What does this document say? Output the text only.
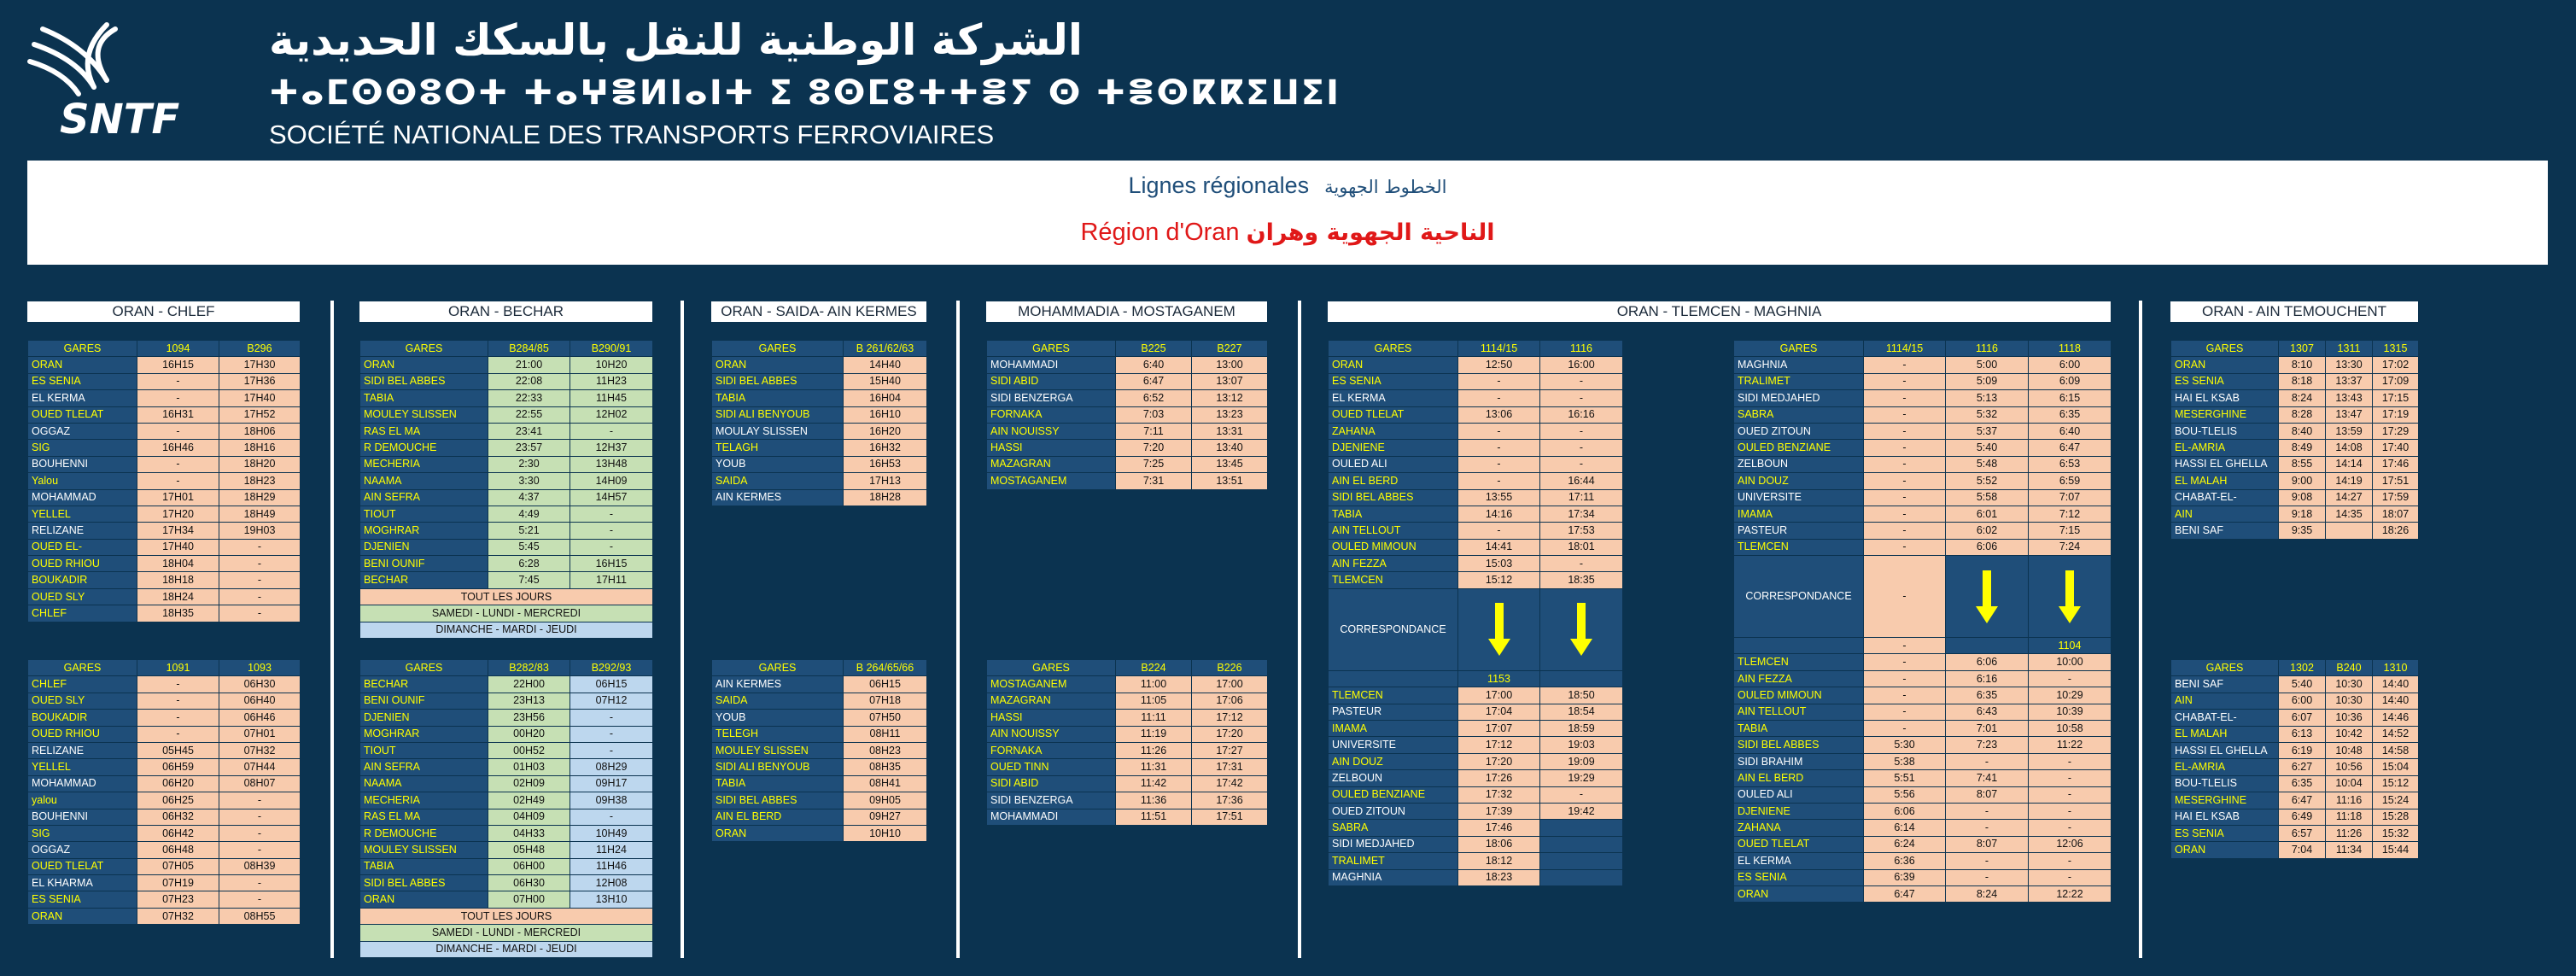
SNTF
الشركة الوطنية للنقل بالسكك الحديدية
ⵜⴰⵎⵙⵙⵓⵔⵜ ⵜⴰⵖⴻⵍⵏⴰⵏⵜ ⵉ ⵓⵙⵎⵓⵜⵜⴻⵢ ⵙ ⵜⴻⵙⴽⴽⵉⵡⵉⵏ
SOCIÉTÉ NATIONALE DES TRANSPORTS FERROVIAIRES
Lignes régionales الخطوط الجهوية
Région d'Oran الناحية الجهوية وهران
ORAN - CHLEF	ORAN - BECHAR	ORAN - SAIDA- AIN KERMES	MOHAMMADIA - MOSTAGANEM	ORAN - TLEMCEN - MAGHNIA	ORAN - AIN TEMOUCHENT
GARES	1094	B296
ORAN	16H15	17H30
ES SENIA	-	17H36
EL KERMA	-	17H40
OUED TLELAT	16H31	17H52
OGGAZ	-	18H06
SIG	16H46	18H16
BOUHENNI	-	18H20
Yalou	-	18H23
MOHAMMAD	17H01	18H29
YELLEL	17H20	18H49
RELIZANE	17H34	19H03
OUED EL-	17H40	-
OUED RHIOU	18H04	-
BOUKADIR	18H18	-
OUED SLY	18H24	-
CHLEF	18H35	-
GARES	1091	1093
CHLEF	-	06H30
OUED SLY	-	06H40
BOUKADIR	-	06H46
OUED RHIOU	-	07H01
RELIZANE	05H45	07H32
YELLEL	06H59	07H44
MOHAMMAD	06H20	08H07
yalou	06H25	-
BOUHENNI	06H32	-
SIG	06H42	-
OGGAZ	06H48	-
OUED TLELAT	07H05	08H39
EL KHARMA	07H19	-
ES SENIA	07H23	-
ORAN	07H32	08H55
GARES	B284/85	B290/91
ORAN	21:00	10H20
SIDI BEL ABBES	22:08	11H23
TABIA	22:33	11H45
MOULEY SLISSEN	22:55	12H02
RAS EL MA	23:41	-
R DEMOUCHE	23:57	12H37
MECHERIA	2:30	13H48
NAAMA	3:30	14H09
AIN SEFRA	4:37	14H57
TIOUT	4:49	-
MOGHRAR	5:21	-
DJENIEN	5:45	-
BENI OUNIF	6:28	16H15
BECHAR	7:45	17H11
TOUT LES JOURS		
SAMEDI - LUNDI - MERCREDI		
DIMANCHE - MARDI - JEUDI		
GARES	B282/83	B292/93
BECHAR	22H00	06H15
BENI OUNIF	23H13	07H12
DJENIEN	23H56	-
MOGHRAR	00H20	-
TIOUT	00H52	-
AIN SEFRA	01H03	08H29
NAAMA	02H09	09H17
MECHERIA	02H49	09H38
RAS EL MA	04H09	-
R DEMOUCHE	04H33	10H49
MOULEY SLISSEN	05H48	11H24
TABIA	06H00	11H46
SIDI BEL ABBES	06H30	12H08
ORAN	07H00	13H10
TOUT LES JOURS		
SAMEDI - LUNDI - MERCREDI		
DIMANCHE - MARDI - JEUDI		
GARES	B 261/62/63
ORAN	14H40
SIDI BEL ABBES	15H40
TABIA	16H04
SIDI ALI BENYOUB	16H10
MOULAY SLISSEN	16H20
TELAGH	16H32
YOUB	16H53
SAIDA	17H13
AIN KERMES	18H28
GARES	B 264/65/66
AIN KERMES	06H15
SAIDA	07H18
YOUB	07H50
TELEGH	08H11
MOULEY SLISSEN	08H23
SIDI ALI BENYOUB	08H35
TABIA	08H41
SIDI BEL ABBES	09H05
AIN EL BERD	09H27
ORAN	10H10
GARES	B225	B227
MOHAMMADI	6:40	13:00
SIDI ABID	6:47	13:07
SIDI BENZERGA	6:52	13:12
FORNAKA	7:03	13:23
AIN NOUISSY	7:11	13:31
HASSI	7:20	13:40
MAZAGRAN	7:25	13:45
MOSTAGANEM	7:31	13:51
GARES	B224	B226
MOSTAGANEM	11:00	17:00
MAZAGRAN	11:05	17:06
HASSI	11:11	17:12
AIN NOUISSY	11:19	17:20
FORNAKA	11:26	17:27
OUED TINN	11:31	17:31
SIDI ABID	11:42	17:42
SIDI BENZERGA	11:36	17:36
MOHAMMADI	11:51	17:51
GARES	1114/15	1116	
ORAN	12:50	16:00	
ES SENIA	-	-	
EL KERMA	-	-	
OUED TLELAT	13:06	16:16	
ZAHANA	-	-	
DJENIENE	-	-	
OULED ALI	-	-	
AIN EL BERD	-	16:44	
SIDI BEL ABBES	13:55	17:11	
TABIA	14:16	17:34	
AIN TELLOUT	-	17:53	
OULED MIMOUN	14:41	18:01	
AIN FEZZA	15:03	-	
TLEMCEN	15:12	18:35	
CORRESPONDANCE	

	1153		
TLEMCEN	17:00	18:50	
PASTEUR	17:04	18:54	
IMAMA	17:07	18:59	
UNIVERSITE	17:12	19:03	
AIN DOUZ	17:20	19:09	
ZELBOUN	17:26	19:29	
OULED BENZIANE	17:32	-	
OUED ZITOUN	17:39	19:42	
SABRA	17:46		
SIDI MEDJAHED	18:06		
TRALIMET	18:12		
MAGHNIA	18:23		
GARES	1114/15	1116	1118
MAGHNIA	-	5:00	6:00
TRALIMET	-	5:09	6:09
SIDI MEDJAHED	-	5:13	6:15
SABRA	-	5:32	6:35
OUED ZITOUN	-	5:37	6:40
OULED BENZIANE	-	5:40	6:47
ZELBOUN	-	5:48	6:53
AIN DOUZ	-	5:52	6:59
UNIVERSITE	-	5:58	7:07
IMAMA	-	6:01	7:12
PASTEUR	-	6:02	7:15
TLEMCEN	-	6:06	7:24
CORRESPONDANCE	-	

	-		1104
TLEMCEN	-	6:06	10:00
AIN FEZZA	-	6:16	-
OULED MIMOUN	-	6:35	10:29
AIN TELLOUT	-	6:43	10:39
TABIA	-	7:01	10:58
SIDI BEL ABBES	5:30	7:23	11:22
SIDI BRAHIM	5:38	-	-
AIN EL BERD	5:51	7:41	-
OULED ALI	5:56	8:07	-
DJENIENE	6:06	-	-
ZAHANA	6:14	-	-
OUED TLELAT	6:24	8:07	12:06
EL KERMA	6:36	-	-
ES SENIA	6:39	-	-
ORAN	6:47	8:24	12:22
GARES	1307	1311	1315
ORAN	8:10	13:30	17:02
ES SENIA	8:18	13:37	17:09
HAI EL KSAB	8:24	13:43	17:15
MESERGHINE	8:28	13:47	17:19
BOU-TLELIS	8:40	13:59	17:29
EL-AMRIA	8:49	14:08	17:40
HASSI EL GHELLA	8:55	14:14	17:46
EL MALAH	9:00	14:19	17:51
CHABAT-EL-	9:08	14:27	17:59
AIN	9:18	14:35	18:07
BENI SAF	9:35		18:26
GARES	1302	B240	1310
BENI SAF	5:40	10:30	14:40
AIN	6:00	10:30	14:40
CHABAT-EL-	6:07	10:36	14:46
EL MALAH	6:13	10:42	14:52
HASSI EL GHELLA	6:19	10:48	14:58
EL-AMRIA	6:27	10:56	15:04
BOU-TLELIS	6:35	10:04	15:12
MESERGHINE	6:47	11:16	15:24
HAI EL KSAB	6:49	11:18	15:28
ES SENIA	6:57	11:26	15:32
ORAN	7:04	11:34	15:44
